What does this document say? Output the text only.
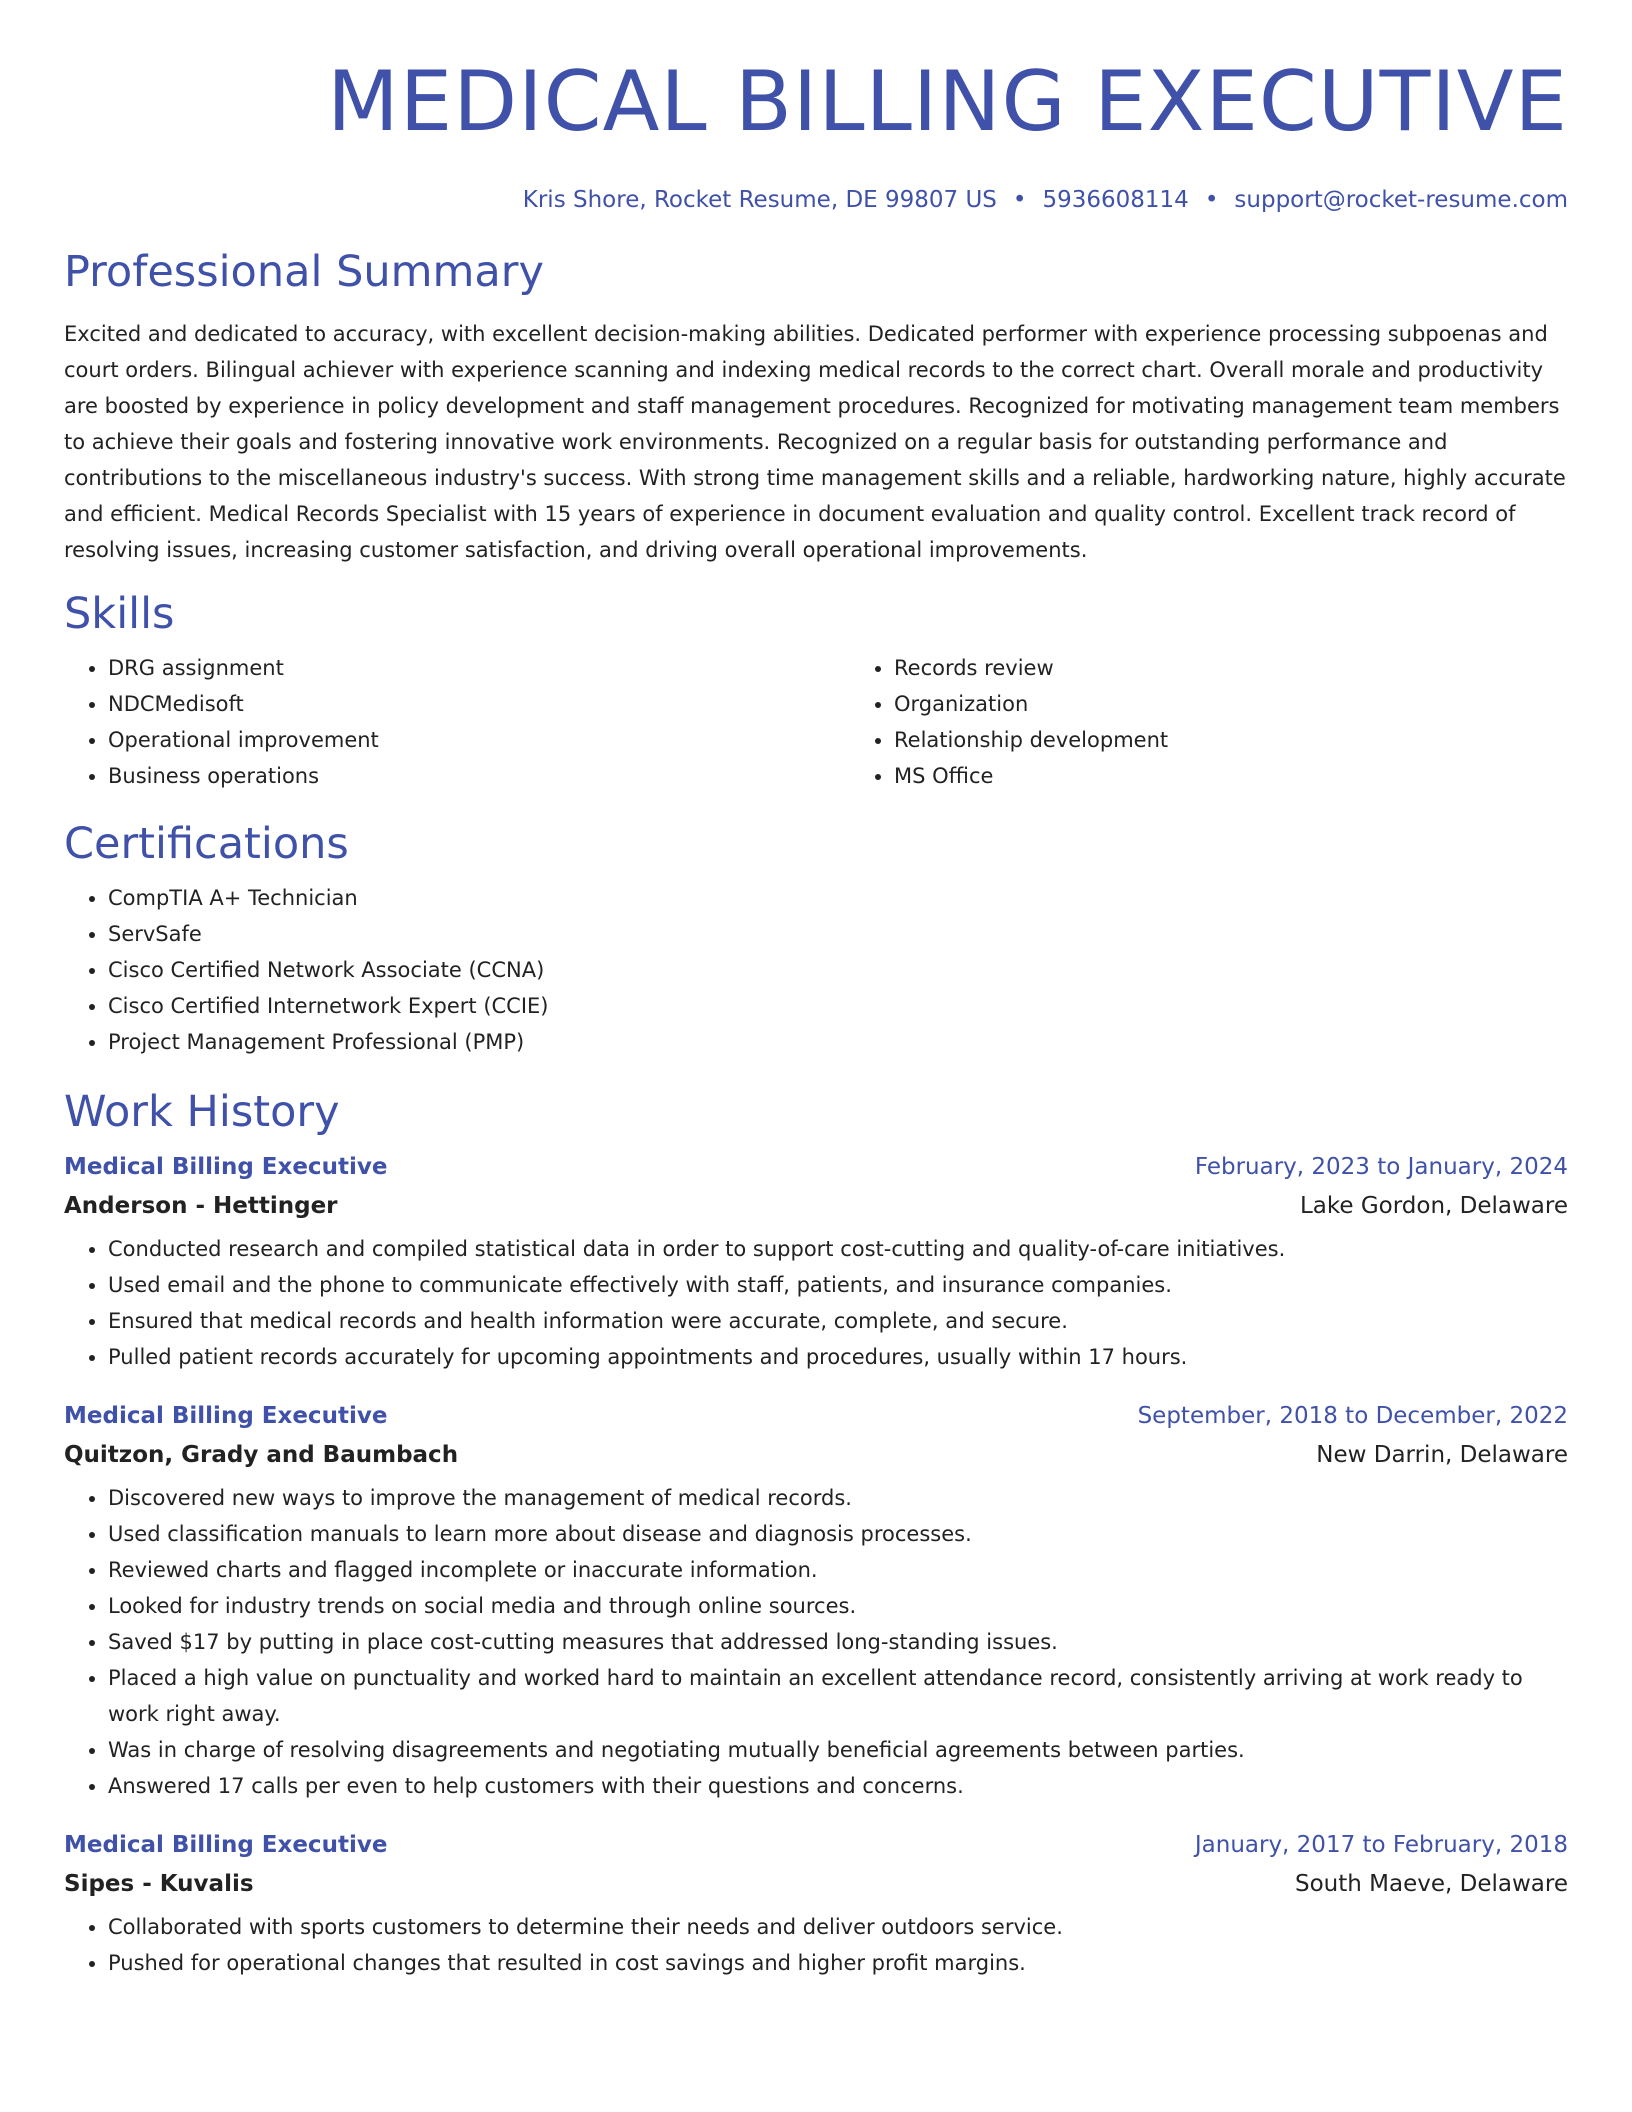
MEDICAL BILLING EXECUTIVE
Kris Shore, Rocket Resume, DE 99807 US • 5936608114 • support@rocket-resume.com
Professional Summary

Excited and dedicated to accuracy, with excellent decision-making abilities. Dedicated performer with experience processing subpoenas and court orders. Bilingual achiever with experience scanning and indexing medical records to the correct chart. Overall morale and productivity are boosted by experience in policy development and staff management procedures. Recognized for motivating management team members to achieve their goals and fostering innovative work environments. Recognized on a regular basis for outstanding performance and contributions to the miscellaneous industry's success. With strong time management skills and a reliable, hardworking nature, highly accurate and efficient. Medical Records Specialist with 15 years of experience in document evaluation and quality control. Excellent track record of resolving issues, increasing customer satisfaction, and driving overall operational improvements.

Skills
• DRG assignment
• NDCMedisoft
• Operational improvement
• Business operations
• Records review
• Organization
• Relationship development
• MS Office
Certifications
• CompTIA A+ Technician
• ServSafe
• Cisco Certified Network Associate (CCNA)
• Cisco Certified Internetwork Expert (CCIE)
• Project Management Professional (PMP)
Work History
Medical Billing Executive	February, 2023 to January, 2024
Anderson - Hettinger	Lake Gordon, Delaware
• Conducted research and compiled statistical data in order to support cost-cutting and quality-of-care initiatives.
• Used email and the phone to communicate effectively with staff, patients, and insurance companies.
• Ensured that medical records and health information were accurate, complete, and secure.
• Pulled patient records accurately for upcoming appointments and procedures, usually within 17 hours.
Medical Billing Executive	September, 2018 to December, 2022
Quitzon, Grady and Baumbach	New Darrin, Delaware
• Discovered new ways to improve the management of medical records.
• Used classification manuals to learn more about disease and diagnosis processes.
• Reviewed charts and flagged incomplete or inaccurate information.
• Looked for industry trends on social media and through online sources.
• Saved $17 by putting in place cost-cutting measures that addressed long-standing issues.
• Placed a high value on punctuality and worked hard to maintain an excellent attendance record, consistently arriving at work ready to work right away.
• Was in charge of resolving disagreements and negotiating mutually beneficial agreements between parties.
• Answered 17 calls per even to help customers with their questions and concerns.
Medical Billing Executive	January, 2017 to February, 2018
Sipes - Kuvalis	South Maeve, Delaware
• Collaborated with sports customers to determine their needs and deliver outdoors service.
• Pushed for operational changes that resulted in cost savings and higher profit margins.
